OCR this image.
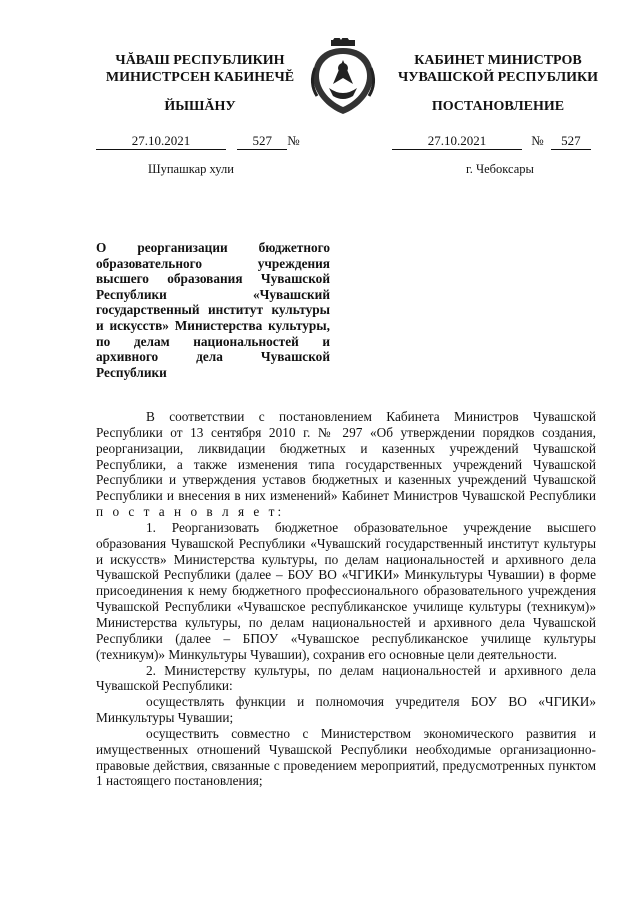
ЧĂВАШ РЕСПУБЛИКИН
МИНИСТРСЕН КАБИНЕЧĔ
ЙЫШĂНУ
КАБИНЕТ МИНИСТРОВ
ЧУВАШСКОЙ РЕСПУБЛИКИ
ПОСТАНОВЛЕНИЕ
27.10.2021	527 №	27.10.2021	№ 527
Шупашкар хули	г. Чебоксары
О реорганизации бюджетного образовательного учреждения высшего образования Чувашской Республики «Чувашский государственный институт культуры и искусств» Министерства культуры, по делам национальностей и архивного дела Чувашской Республики

В соответствии с постановлением Кабинета Министров Чувашской Республики от 13 сентября 2010 г. № 297 «Об утверждении порядков создания, реорганизации, ликвидации бюджетных и казенных учреждений Чувашской Республики, а также изменения типа государственных учреждений Чувашской Республики и утверждения уставов бюджетных и казенных учреждений Чувашской Республики и внесения в них изменений» Кабинет Министров Чувашской Республики п о с т а н о в л я е т:

1. Реорганизовать бюджетное образовательное учреждение высшего образования Чувашской Республики «Чувашский государственный институт культуры и искусств» Министерства культуры, по делам национальностей и архивного дела Чувашской Республики (далее – БОУ ВО «ЧГИКИ» Минкультуры Чувашии) в форме присоединения к нему бюджетного профессионального образовательного учреждения Чувашской Республики «Чувашское республиканское училище культуры (техникум)» Министерства культуры, по делам национальностей и архивного дела Чувашской Республики (далее – БПОУ «Чувашское республиканское училище культуры (техникум)» Минкультуры Чувашии), сохранив его основные цели деятельности.

2. Министерству культуры, по делам национальностей и архивного дела Чувашской Республики:

осуществлять функции и полномочия учредителя БОУ ВО «ЧГИКИ» Минкультуры Чувашии;

осуществить совместно с Министерством экономического развития и имущественных отношений Чувашской Республики необходимые организационно-правовые действия, связанные с проведением мероприятий, предусмотренных пунктом 1 настоящего постановления;
